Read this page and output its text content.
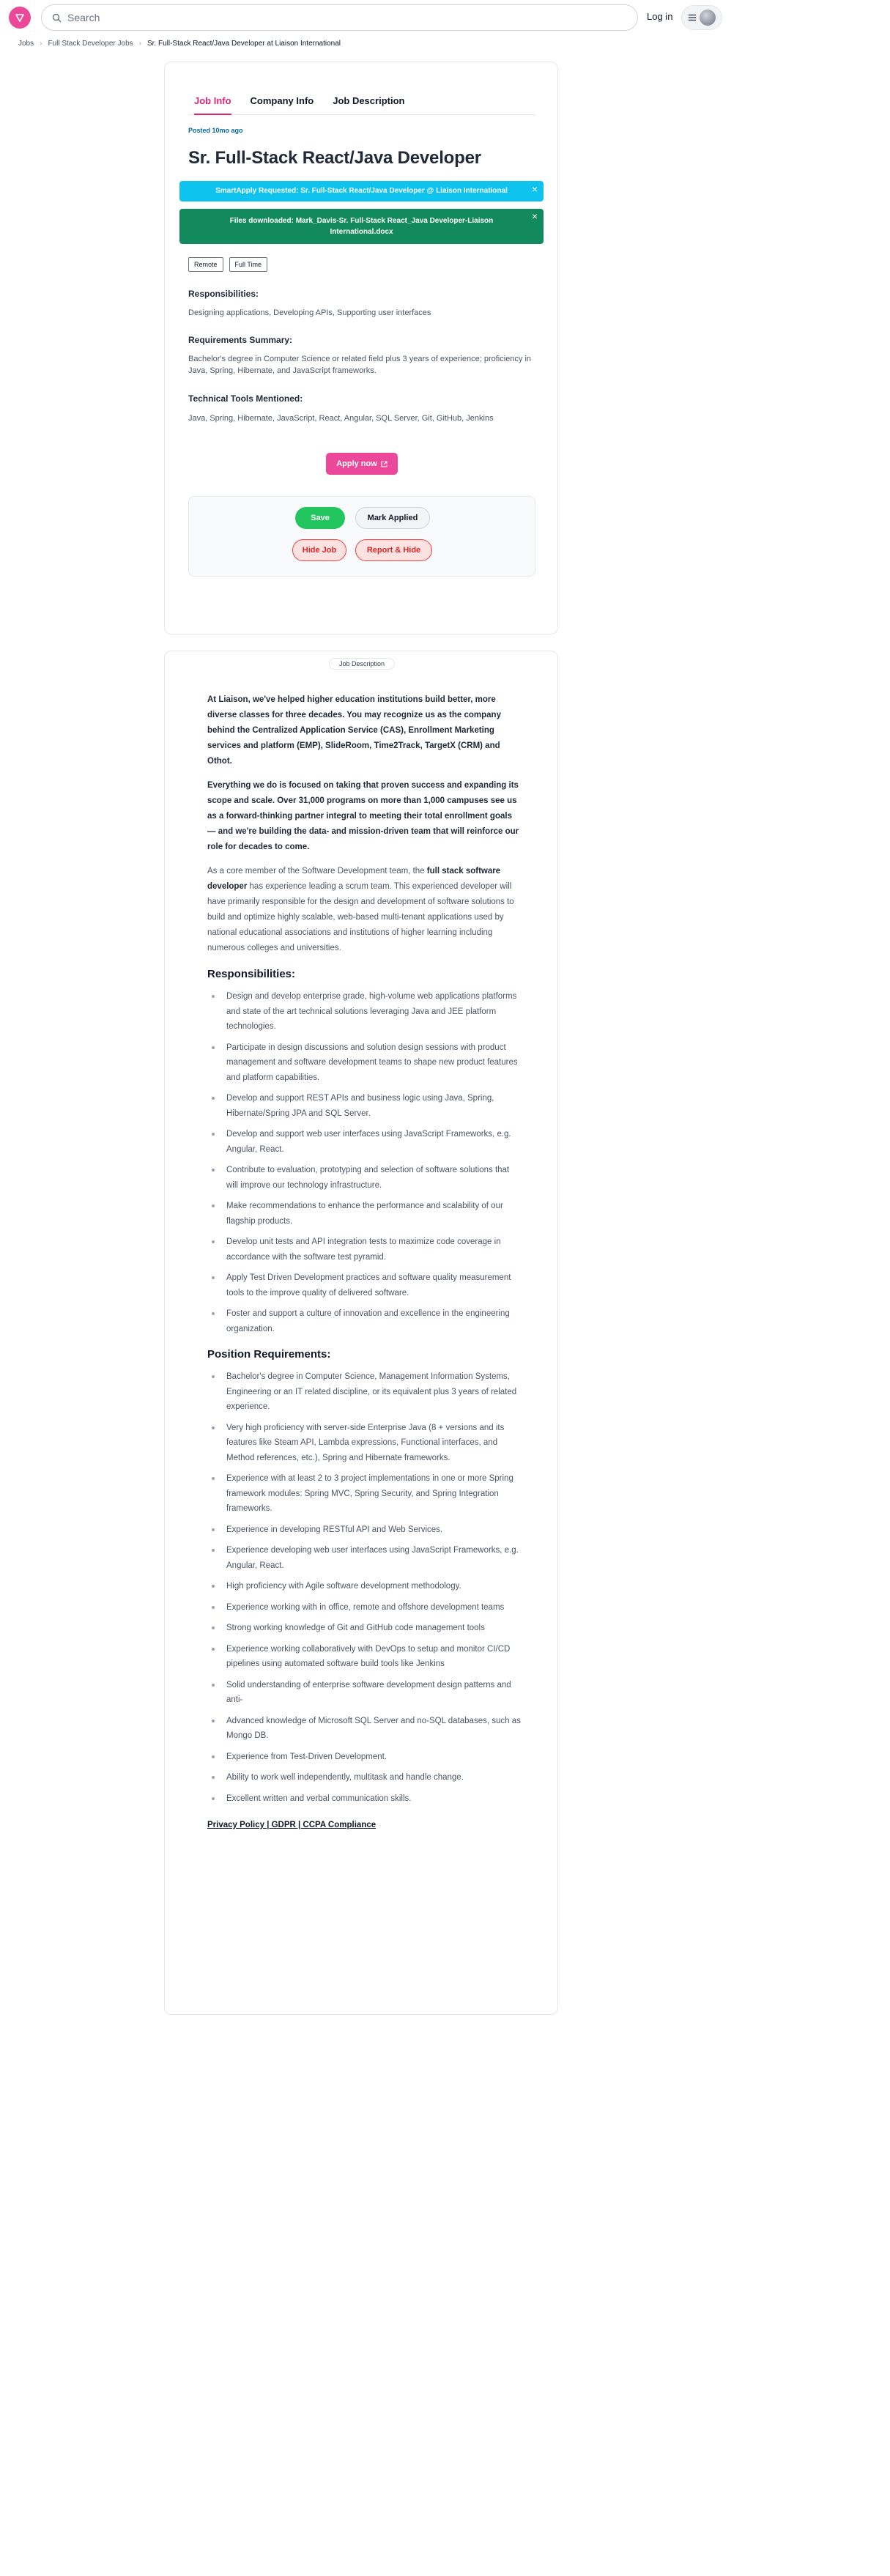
Search
Log in
Jobs › Full Stack Developer Jobs › Sr. Full-Stack React/Java Developer at Liaison International
Job Info Company Info Job Description
Posted 10mo ago
Sr. Full-Stack React/Java Developer
SmartApply Requested: Sr. Full-Stack React/Java Developer @ Liaison International ×
Files downloaded: Mark_Davis-Sr. Full-Stack React_Java Developer-Liaison International.docx
×
Remote	Full Time
Responsibilities:
Designing applications, Developing APIs, Supporting user interfaces
Requirements Summary:
Bachelor's degree in Computer Science or related field plus 3 years of experience; proficiency in Java, Spring, Hibernate, and JavaScript frameworks.
Technical Tools Mentioned:
Java, Spring, Hibernate, JavaScript, React, Angular, SQL Server, Git, GitHub, Jenkins
Apply now
Save	Mark Applied
Hide Job	Report & Hide
Job Description

At Liaison, we've helped higher education institutions build better, more diverse classes for three decades. You may recognize us as the company behind the Centralized Application Service (CAS), Enrollment Marketing services and platform (EMP), SlideRoom, Time2Track, TargetX (CRM) and Othot.

Everything we do is focused on taking that proven success and expanding its scope and scale. Over 31,000 programs on more than 1,000 campuses see us as a forward-thinking partner integral to meeting their total enrollment goals — and we're building the data- and mission-driven team that will reinforce our role for decades to come.

As a core member of the Software Development team, the full stack software developer has experience leading a scrum team. This experienced developer will have primarily responsible for the design and development of software solutions to build and optimize highly scalable, web-based multi-tenant applications used by national educational associations and institutions of higher learning including numerous colleges and universities.

Responsibilities:
Design and develop enterprise grade, high-volume web applications platforms and state of the art technical solutions leveraging Java and JEE platform technologies.
Participate in design discussions and solution design sessions with product management and software development teams to shape new product features and platform capabilities.
Develop and support REST APIs and business logic using Java, Spring, Hibernate/Spring JPA and SQL Server.
Develop and support web user interfaces using JavaScript Frameworks, e.g. Angular, React.
Contribute to evaluation, prototyping and selection of software solutions that will improve our technology infrastructure.
Make recommendations to enhance the performance and scalability of our flagship products.
Develop unit tests and API integration tests to maximize code coverage in accordance with the software test pyramid.
Apply Test Driven Development practices and software quality measurement tools to the improve quality of delivered software.
Foster and support a culture of innovation and excellence in the engineering organization.
Position Requirements:
Bachelor's degree in Computer Science, Management Information Systems, Engineering or an IT related discipline, or its equivalent plus 3 years of related experience.
Very high proficiency with server-side Enterprise Java (8 + versions and its features like Steam API, Lambda expressions, Functional interfaces, and Method references, etc.), Spring and Hibernate frameworks.
Experience with at least 2 to 3 project implementations in one or more Spring framework modules: Spring MVC, Spring Security, and Spring Integration frameworks.
Experience in developing RESTful API and Web Services.
Experience developing web user interfaces using JavaScript Frameworks, e.g. Angular, React.
High proficiency with Agile software development methodology.
Experience working with in office, remote and offshore development teams
Strong working knowledge of Git and GitHub code management tools
Experience working collaboratively with DevOps to setup and monitor CI/CD pipelines using automated software build tools like Jenkins
Solid understanding of enterprise software development design patterns and anti-
Advanced knowledge of Microsoft SQL Server and no-SQL databases, such as Mongo DB.
Experience from Test-Driven Development.
Ability to work well independently, multitask and handle change.
Excellent written and verbal communication skills.
Privacy Policy | GDPR | CCPA Compliance
